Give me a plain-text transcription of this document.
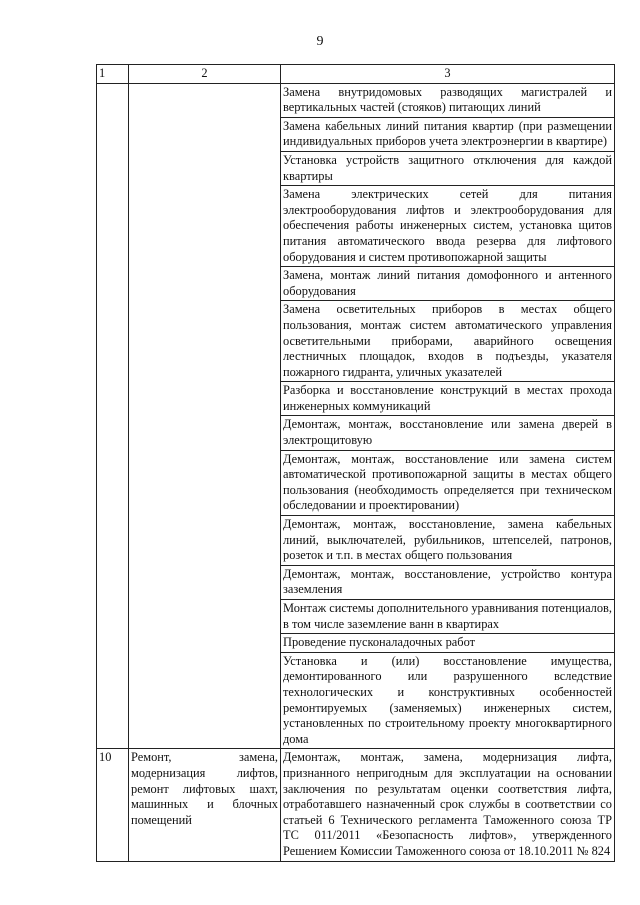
9
1	2	3
		Замена внутридомовых разводящих магистралей и вертикальных частей (стояков) питающих линий
		Замена кабельных линий питания квартир (при размещении индивидуальных приборов учета электроэнергии в квартире)
		Установка устройств защитного отключения для каждой квартиры
		Замена электрических сетей для питания электрооборудования лифтов и электрооборудования для обеспечения работы инженерных систем, установка щитов питания автоматического ввода резерва для лифтового оборудования и систем противопожарной защиты
		Замена, монтаж линий питания домофонного и антенного оборудования
		Замена осветительных приборов в местах общего пользования, монтаж систем автоматического управления осветительными приборами, аварийного освещения лестничных площадок, входов в подъезды, указателя пожарного гидранта, уличных указателей
		Разборка и восстановление конструкций в местах прохода инженерных коммуникаций
		Демонтаж, монтаж, восстановление или замена дверей в электрощитовую
		Демонтаж, монтаж, восстановление или замена систем автоматической противопожарной защиты в местах общего пользования (необходимость определяется при техническом обследовании и проектировании)
		Демонтаж, монтаж, восстановление, замена кабельных линий, выключателей, рубильников, штепселей, патронов, розеток и т.п. в местах общего пользования
		Демонтаж, монтаж, восстановление, устройство контура заземления
		Монтаж системы дополнительного уравнивания потенциалов, в том числе заземление ванн в квартирах
		Проведение пусконаладочных работ
		Установка и (или) восстановление имущества, демонтированного или разрушенного вследствие технологических и конструктивных особенностей ремонтируемых (заменяемых) инженерных систем, установленных по строительному проекту многоквартирного дома
10	Ремонт, замена, модернизация лифтов, ремонт лифтовых шахт, машинных и блочных помещений	Демонтаж, монтаж, замена, модернизация лифта, признанного непригодным для эксплуатации на основании заключения по результатам оценки соответствия лифта, отработавшего назначенный срок службы в соответствии со статьей 6 Технического регламента Таможенного союза ТР ТС 011/2011 «Безопасность лифтов», утвержденного Решением Комиссии Таможенного союза от 18.10.2011 № 824
